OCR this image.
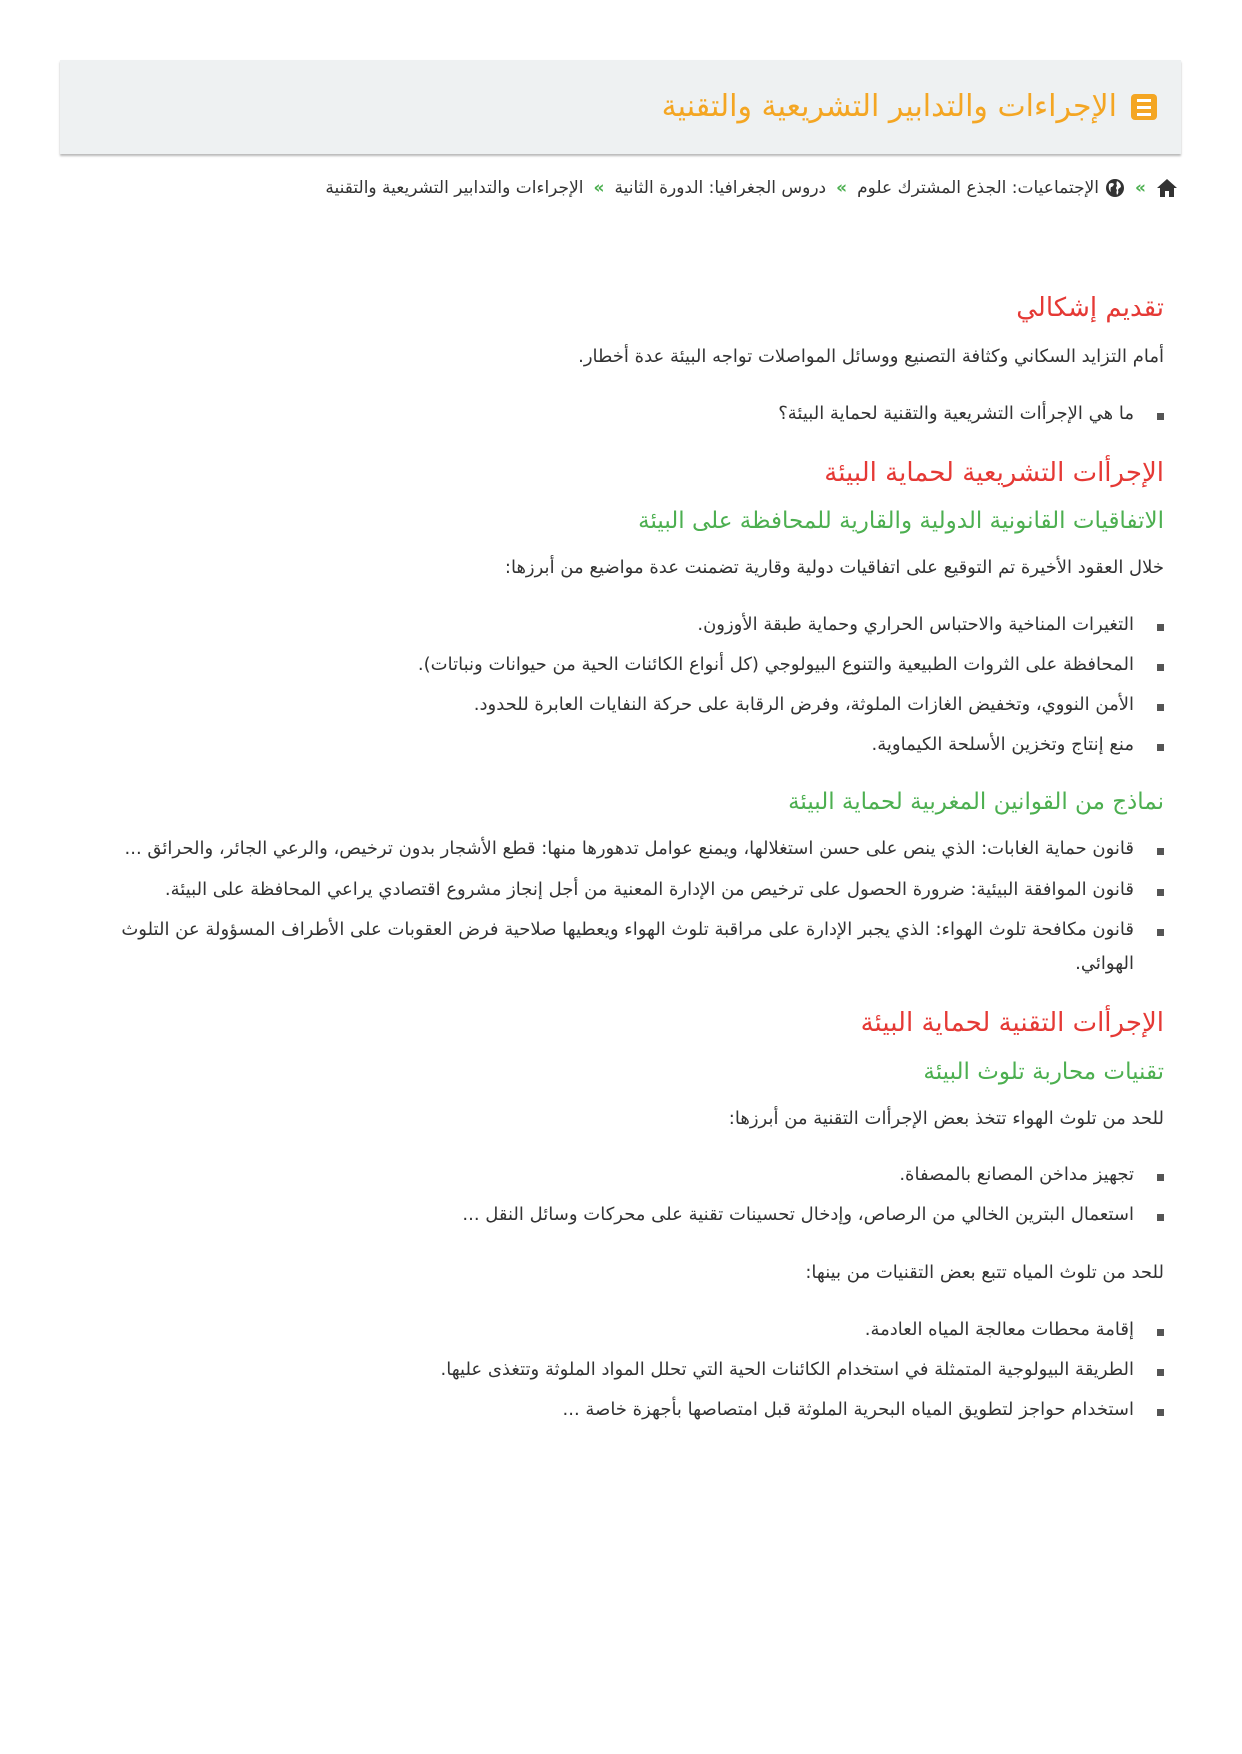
الإجراءات والتدابير التشريعية والتقنية
»
الإجتماعيات: الجذع المشترك علوم
»
دروس الجغرافيا: الدورة الثانية
»
الإجراءات والتدابير التشريعية والتقنية
تقديم إشكالي

أمام التزايد السكاني وكثافة التصنيع ووسائل المواصلات تواجه البيئة عدة أخطار.

ما هي الإجرأات التشريعية والتقنية لحماية البيئة؟
الإجرأات التشريعية لحماية البيئة
الاتفاقيات القانونية الدولية والقارية للمحافظة على البيئة

خلال العقود الأخيرة تم التوقيع على اتفاقيات دولية وقارية تضمنت عدة مواضيع من أبرزها:

التغيرات المناخية والاحتباس الحراري وحماية طبقة الأوزون.
المحافظة على الثروات الطبيعية والتنوع البيولوجي (كل أنواع الكائنات الحية من حيوانات ونباتات).
الأمن النووي، وتخفيض الغازات الملوثة، وفرض الرقابة على حركة النفايات العابرة للحدود.
منع إنتاج وتخزين الأسلحة الكيماوية.
نماذج من القوانين المغربية لحماية البيئة
قانون حماية الغابات: الذي ينص على حسن استغلالها، ويمنع عوامل تدهورها منها: قطع الأشجار بدون ترخيص، والرعي الجائر، والحرائق ...
قانون الموافقة البيئية: ضرورة الحصول على ترخيص من الإدارة المعنية من أجل إنجاز مشروع اقتصادي يراعي المحافظة على البيئة.
قانون مكافحة تلوث الهواء: الذي يجبر الإدارة على مراقبة تلوث الهواء ويعطيها صلاحية فرض العقوبات على الأطراف المسؤولة عن التلوث الهوائي.
الإجرأات التقنية لحماية البيئة
تقنيات محاربة تلوث البيئة

للحد من تلوث الهواء تتخذ بعض الإجرأات التقنية من أبرزها:

تجهيز مداخن المصانع بالمصفاة.
استعمال البترين الخالي من الرصاص، وإدخال تحسينات تقنية على محركات وسائل النقل ...

للحد من تلوث المياه تتبع بعض التقنيات من بينها:

إقامة محطات معالجة المياه العادمة.
الطريقة البيولوجية المتمثلة في استخدام الكائنات الحية التي تحلل المواد الملوثة وتتغذى عليها.
استخدام حواجز لتطويق المياه البحرية الملوثة قبل امتصاصها بأجهزة خاصة ...
